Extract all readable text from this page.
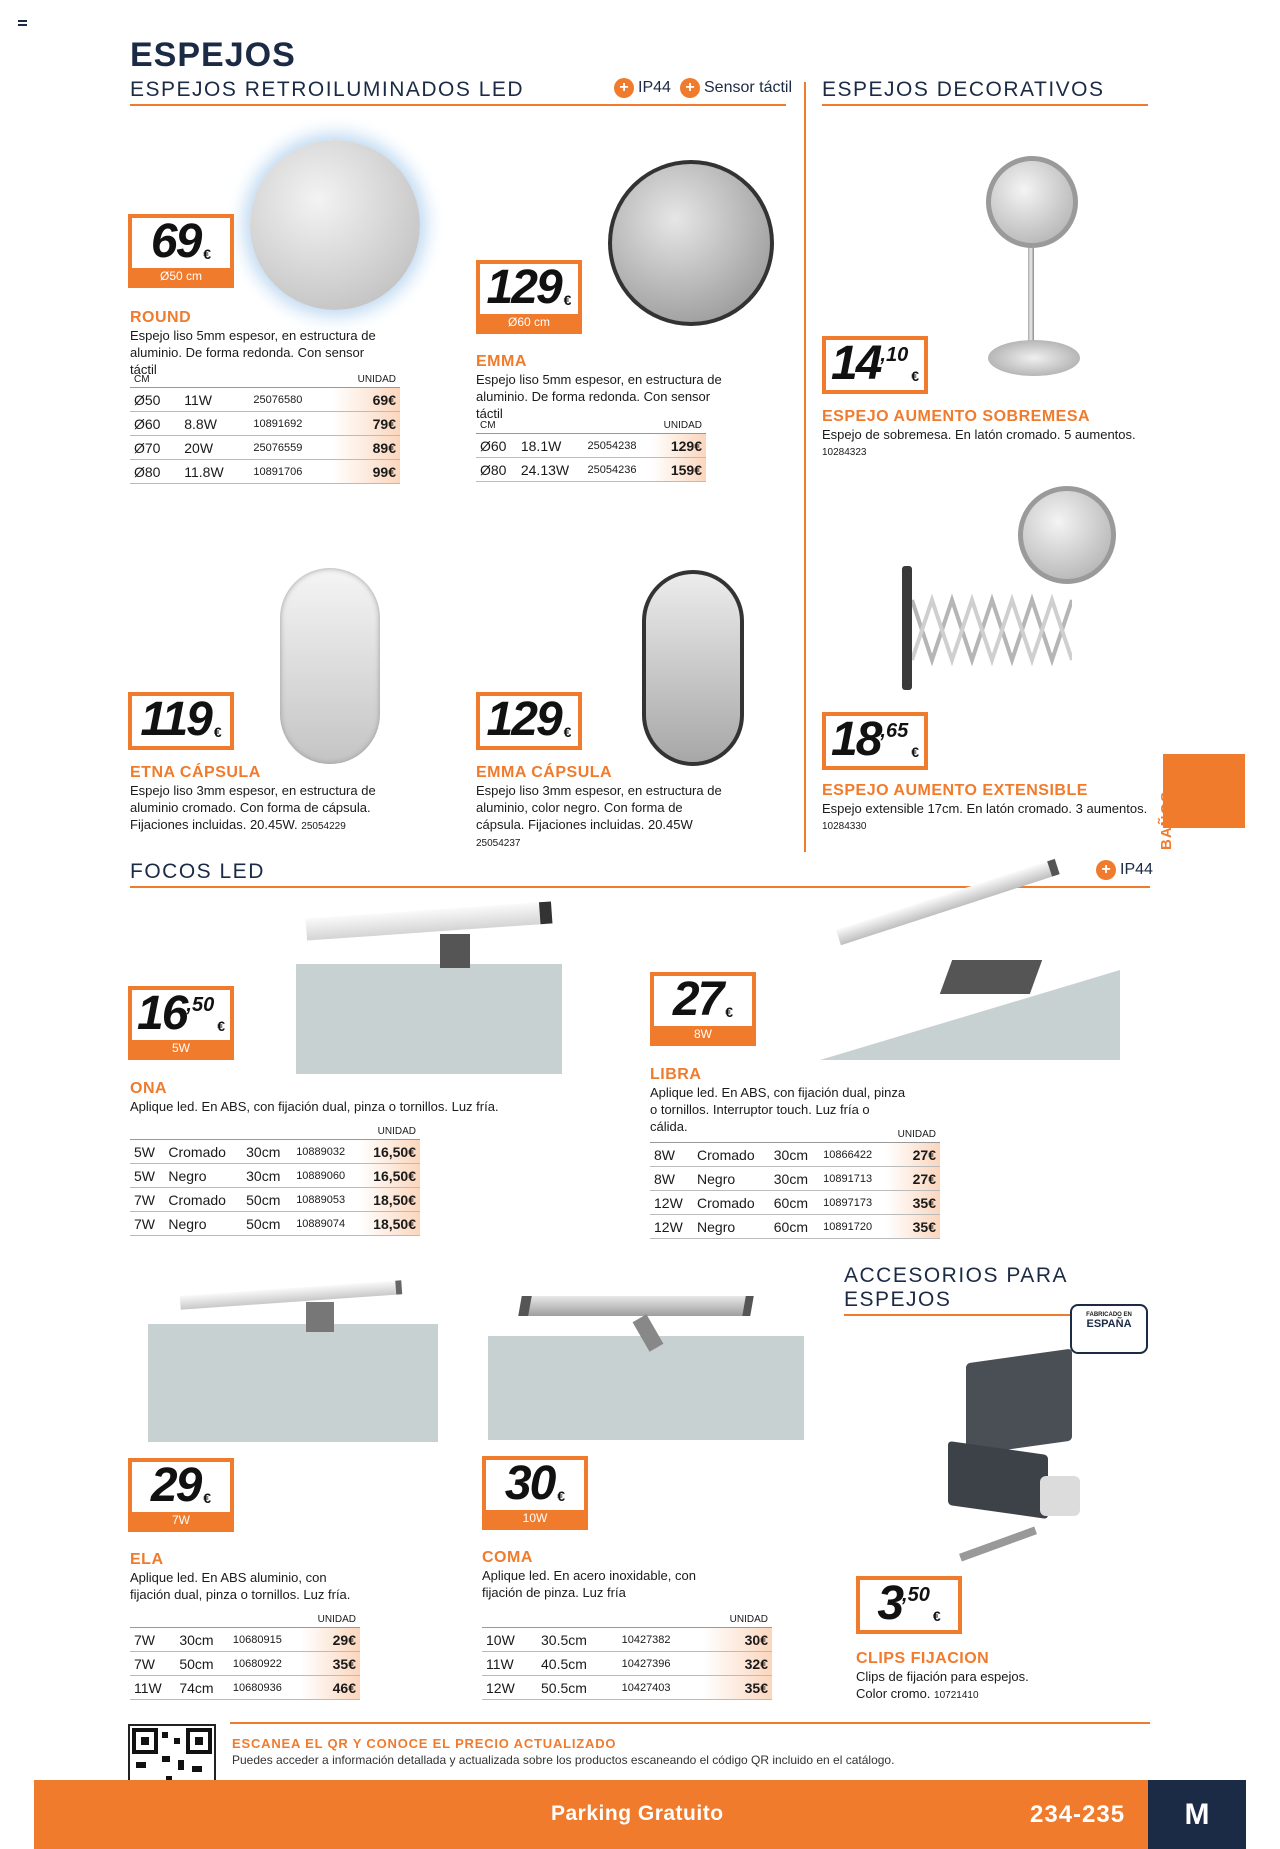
BAÑOS
ESPEJOS
ESPEJOS RETROILUMINADOS LED	+ IP44 + Sensor táctil ESPEJOS DECORATIVOS
69 €
Ø50 cm
ROUND
Espejo liso 5mm espesor, en estructura de aluminio. De forma redonda. Con sensor táctil
CM			UNIDAD
Ø50	11W	25076580	69€
Ø60	8.8W	10891692	79€
Ø70	20W	25076559	89€
Ø80	11.8W	10891706	99€
129 €
Ø60 cm
EMMA
Espejo liso 5mm espesor, en estructura de aluminio. De forma redonda. Con sensor táctil
CM			UNIDAD
Ø60	18.1W	25054238	129€
Ø80	24.13W	25054236	159€
14 ,10
€
ESPEJO AUMENTO SOBREMESA
Espejo de sobremesa. En latón cromado. 5 aumentos.
10284323
119 €
ETNA CÁPSULA
Espejo liso 3mm espesor, en estructura de aluminio cromado. Con forma de cápsula. Fijaciones incluidas. 20.45W. 25054229
129 €
EMMA CÁPSULA
Espejo liso 3mm espesor, en estructura de aluminio, color negro. Con forma de cápsula. Fijaciones incluidas. 20.45W 25054237
18 ,65
€
ESPEJO AUMENTO EXTENSIBLE
Espejo extensible 17cm. En latón cromado. 3 aumentos.
10284330
FOCOS LED	+ IP44
16 ,50
€
5W
ONA
Aplique led. En ABS, con fijación dual, pinza o tornillos. Luz fría.
				UNIDAD
5W	Cromado	30cm	10889032	16,50€
5W	Negro	30cm	10889060	16,50€
7W	Cromado	50cm	10889053	18,50€
7W	Negro	50cm	10889074	18,50€
27 €
8W
LIBRA
Aplique led. En ABS, con fijación dual, pinza o tornillos. Interruptor touch. Luz fría o cálida.
				UNIDAD
8W	Cromado	30cm	10866422	27€
8W	Negro	30cm	10891713	27€
12W	Cromado	60cm	10897173	35€
12W	Negro	60cm	10891720	35€
ACCESORIOS PARA ESPEJOS
FABRICADO EN
ESPAÑA
29 €
7W
ELA
Aplique led. En ABS aluminio, con fijación dual, pinza o tornillos. Luz fría.
			UNIDAD
7W	30cm	10680915	29€
7W	50cm	10680922	35€
11W	74cm	10680936	46€
30 €
10W
COMA
Aplique led. En acero inoxidable, con fijación de pinza. Luz fría
			UNIDAD
10W	30.5cm	10427382	30€
11W	40.5cm	10427396	32€
12W	50.5cm	10427403	35€
3 ,50
€
CLIPS FIJACION
Clips de fijación para espejos. Color cromo. 10721410
ESCANEA EL QR Y CONOCE EL PRECIO ACTUALIZADO
Puedes acceder a información detallada y actualizada sobre los productos escaneando el código QR incluido en el catálogo.
Parking Gratuito	234-235	M
